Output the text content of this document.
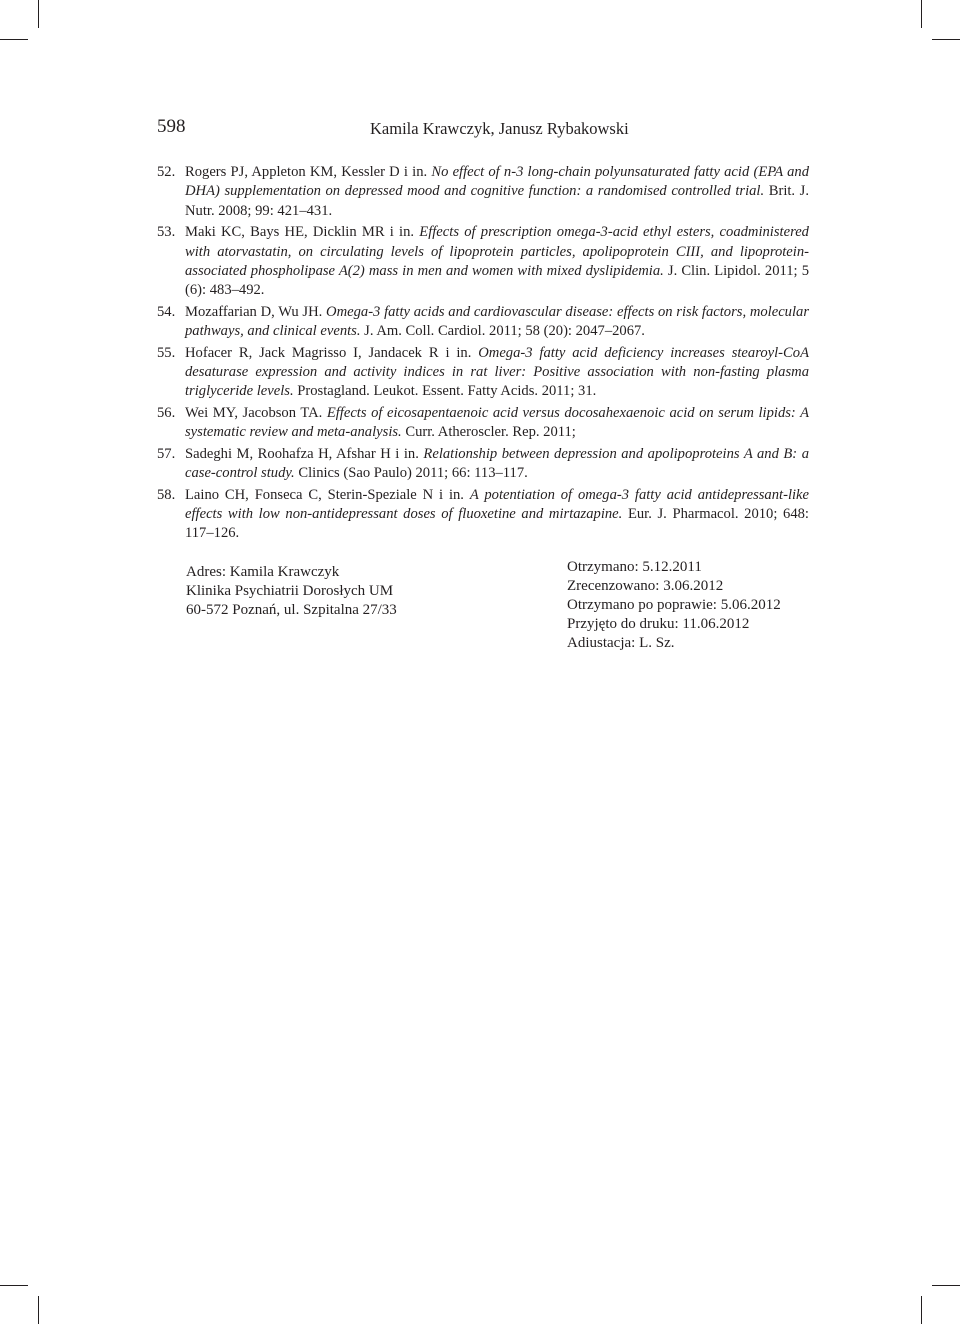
598	Kamila Krawczyk, Janusz Rybakowski
52. Rogers PJ, Appleton KM, Kessler D i in. No effect of n-3 long-chain polyunsaturated fatty acid (EPA and DHA) supplementation on depressed mood and cognitive function: a randomised controlled trial. Brit. J. Nutr. 2008; 99: 421–431.
53. Maki KC, Bays HE, Dicklin MR i in. Effects of prescription omega-3-acid ethyl esters, coadministered with atorvastatin, on circulating levels of lipoprotein particles, apolipoprotein CIII, and lipoprotein-associated phospholipase A(2) mass in men and women with mixed dyslipidemia. J. Clin. Lipidol. 2011; 5 (6): 483–492.
54. Mozaffarian D, Wu JH. Omega-3 fatty acids and cardiovascular disease: effects on risk factors, molecular pathways, and clinical events. J. Am. Coll. Cardiol. 2011; 58 (20): 2047–2067.
55. Hofacer R, Jack Magrisso I, Jandacek R i in. Omega-3 fatty acid deficiency increases stearoyl-CoA desaturase expression and activity indices in rat liver: Positive association with non-fasting plasma triglyceride levels. Prostagland. Leukot. Essent. Fatty Acids. 2011; 31.
56. Wei MY, Jacobson TA. Effects of eicosapentaenoic acid versus docosahexaenoic acid on serum lipids: A systematic review and meta-analysis. Curr. Atheroscler. Rep. 2011;
57. Sadeghi M, Roohafza H, Afshar H i in. Relationship between depression and apolipoproteins A and B: a case-control study. Clinics (Sao Paulo) 2011; 66: 113–117.
58. Laino CH, Fonseca C, Sterin-Speziale N i in. A potentiation of omega-3 fatty acid antidepressant-like effects with low non-antidepressant doses of fluoxetine and mirtazapine. Eur. J. Pharmacol. 2010; 648: 117–126.
Adres: Kamila Krawczyk
Klinika Psychiatrii Dorosłych UM
60-572 Poznań, ul. Szpitalna 27/33
Otrzymano: 5.12.2011
Zrecenzowano: 3.06.2012
Otrzymano po poprawie: 5.06.2012
Przyjęto do druku: 11.06.2012
Adiustacja: L. Sz.
